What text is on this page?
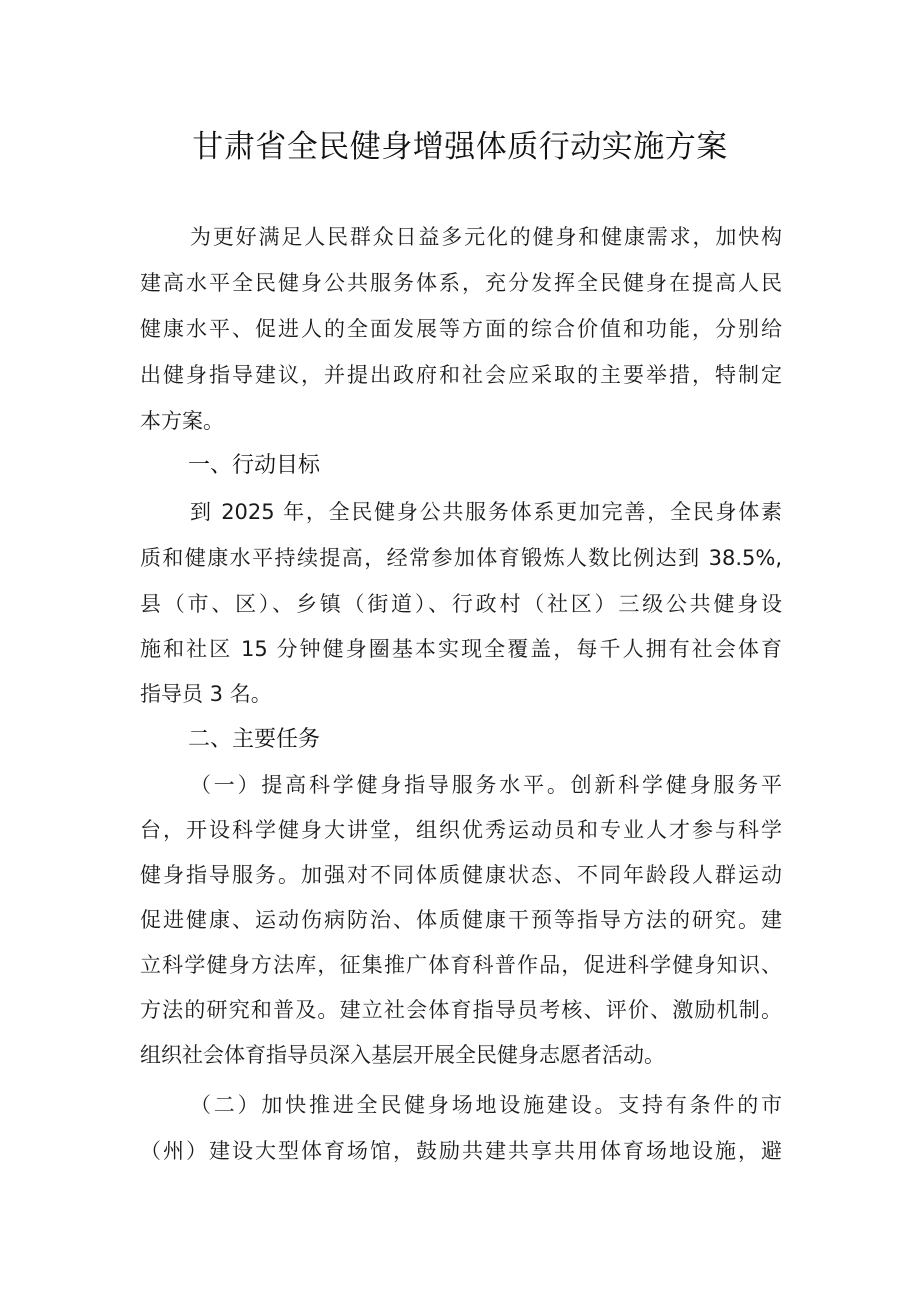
甘肃省全民健身增强体质行动实施方案
为更好满足人民群众日益多元化的健身和健康需求，加快构
建高水平全民健身公共服务体系，充分发挥全民健身在提高人民
健康水平、促进人的全面发展等方面的综合价值和功能，分别给
出健身指导建议，并提出政府和社会应采取的主要举措，特制定
本方案。
一、行动目标
到 2025 年，全民健身公共服务体系更加完善，全民身体素
质和健康水平持续提高，经常参加体育锻炼人数比例达到 38.5%,
县（市、区）、乡镇（街道）、行政村（社区）三级公共健身设
施和社区 15 分钟健身圈基本实现全覆盖，每千人拥有社会体育
指导员 3 名。
二、主要任务
（一）提高科学健身指导服务水平。创新科学健身服务平
台，开设科学健身大讲堂，组织优秀运动员和专业人才参与科学
健身指导服务。加强对不同体质健康状态、不同年龄段人群运动
促进健康、运动伤病防治、体质健康干预等指导方法的研究。建
立科学健身方法库，征集推广体育科普作品，促进科学健身知识、
方法的研究和普及。建立社会体育指导员考核、评价、激励机制。
组织社会体育指导员深入基层开展全民健身志愿者活动。
（二）加快推进全民健身场地设施建设。支持有条件的市
（州）建设大型体育场馆，鼓励共建共享共用体育场地设施，避
